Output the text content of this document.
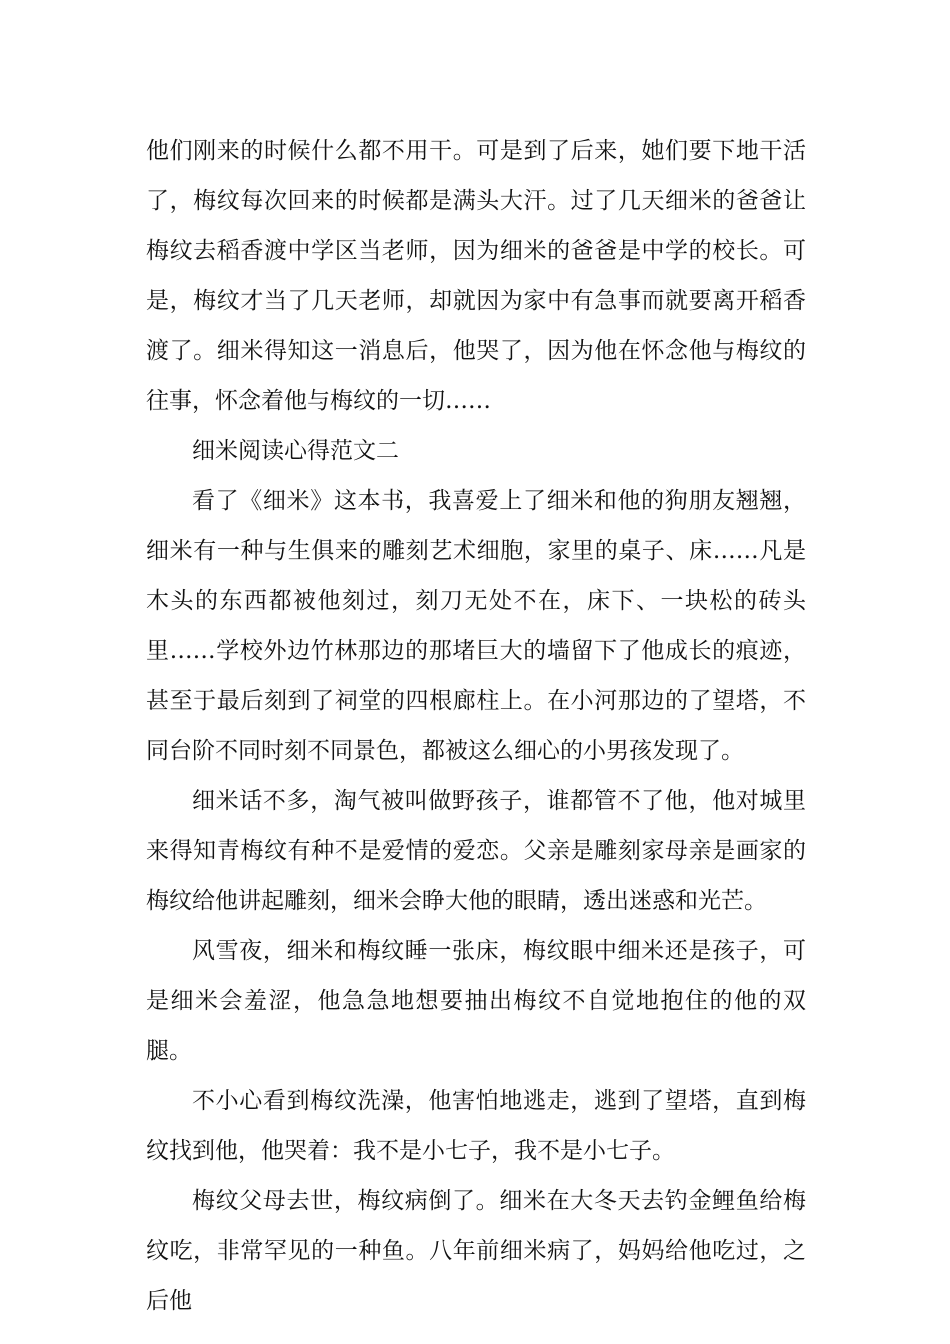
他们刚来的时候什么都不用干。可是到了后来，她们要下地干活了，梅纹每次回来的时候都是满头大汗。过了几天细米的爸爸让梅纹去稻香渡中学区当老师，因为细米的爸爸是中学的校长。可是，梅纹才当了几天老师，却就因为家中有急事而就要离开稻香渡了。细米得知这一消息后，他哭了，因为他在怀念他与梅纹的往事，怀念着他与梅纹的一切……

细米阅读心得范文二

看了《细米》这本书，我喜爱上了细米和他的狗朋友翘翘，细米有一种与生俱来的雕刻艺术细胞，家里的桌子、床……凡是木头的东西都被他刻过，刻刀无处不在，床下、一块松的砖头里……学校外边竹林那边的那堵巨大的墙留下了他成长的痕迹，甚至于最后刻到了祠堂的四根廊柱上。在小河那边的了望塔，不同台阶不同时刻不同景色，都被这么细心的小男孩发现了。

细米话不多，淘气被叫做野孩子，谁都管不了他，他对城里来得知青梅纹有种不是爱情的爱恋。父亲是雕刻家母亲是画家的梅纹给他讲起雕刻，细米会睁大他的眼睛，透出迷惑和光芒。

风雪夜，细米和梅纹睡一张床，梅纹眼中细米还是孩子，可是细米会羞涩，他急急地想要抽出梅纹不自觉地抱住的他的双腿。

不小心看到梅纹洗澡，他害怕地逃走，逃到了望塔，直到梅纹找到他，他哭着：我不是小七子，我不是小七子。

梅纹父母去世，梅纹病倒了。细米在大冬天去钓金鲤鱼给梅纹吃，非常罕见的一种鱼。八年前细米病了，妈妈给他吃过，之后他
